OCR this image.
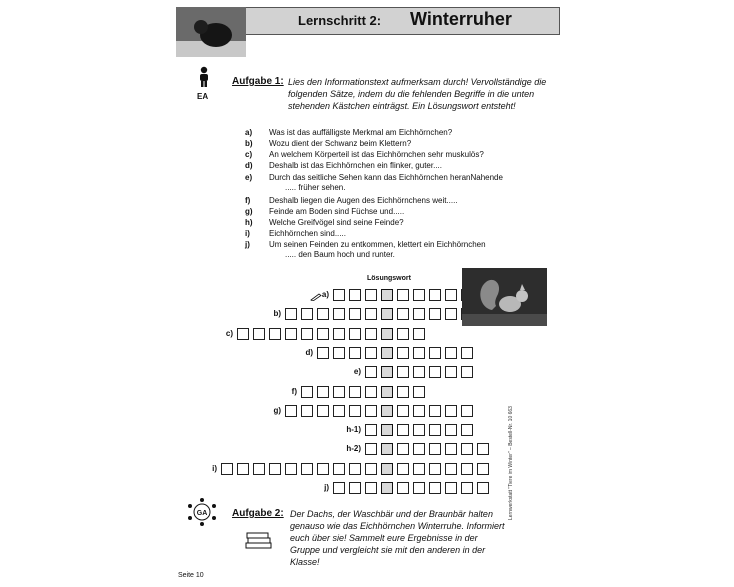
Lernschritt 2: Winterruher
EA
Aufgabe 1: Lies den Informationstext aufmerksam durch! Vervollständige die folgenden Sätze, indem du die fehlenden Begriffe in die unten stehenden Kästchen einträgst. Ein Lösungswort entsteht!
a) Was ist das auffälligste Merkmal am Eichhörnchen?
b) Wozu dient der Schwanz beim Klettern?
c) An welchem Körperteil ist das Eichhörnchen sehr muskulös?
d) Deshalb ist das Eichhörnchen ein flinker, guter....
e) Durch das seitliche Sehen kann das Eichhörnchen heranNahende
..... früher sehen.
f) Deshalb liegen die Augen des Eichhörnchens weit.....
g) Feinde am Boden sind Füchse und.....
h) Welche Greifvögel sind seine Feinde?
i) Eichhörnchen sind.....
j) Um seinen Feinden zu entkommen, klettert ein Eichhörnchen
..... den Baum hoch und runter.
Lösungswort
a)
b)
c)
d)
e)
f)
g)
h-1)
h-2)
i)
j)
GA Aufgabe 2: Der Dachs, der Waschbär und der Braunbär halten genauso wie das Eichhörnchen Winterruhe. Informiert euch über sie! Sammelt eure Ergebnisse in der Gruppe und vergleicht sie mit den anderen in der Klasse!
Seite 10
Lernwerkstatt "Tiere im Winter" – Bestell-Nr. 10 663
